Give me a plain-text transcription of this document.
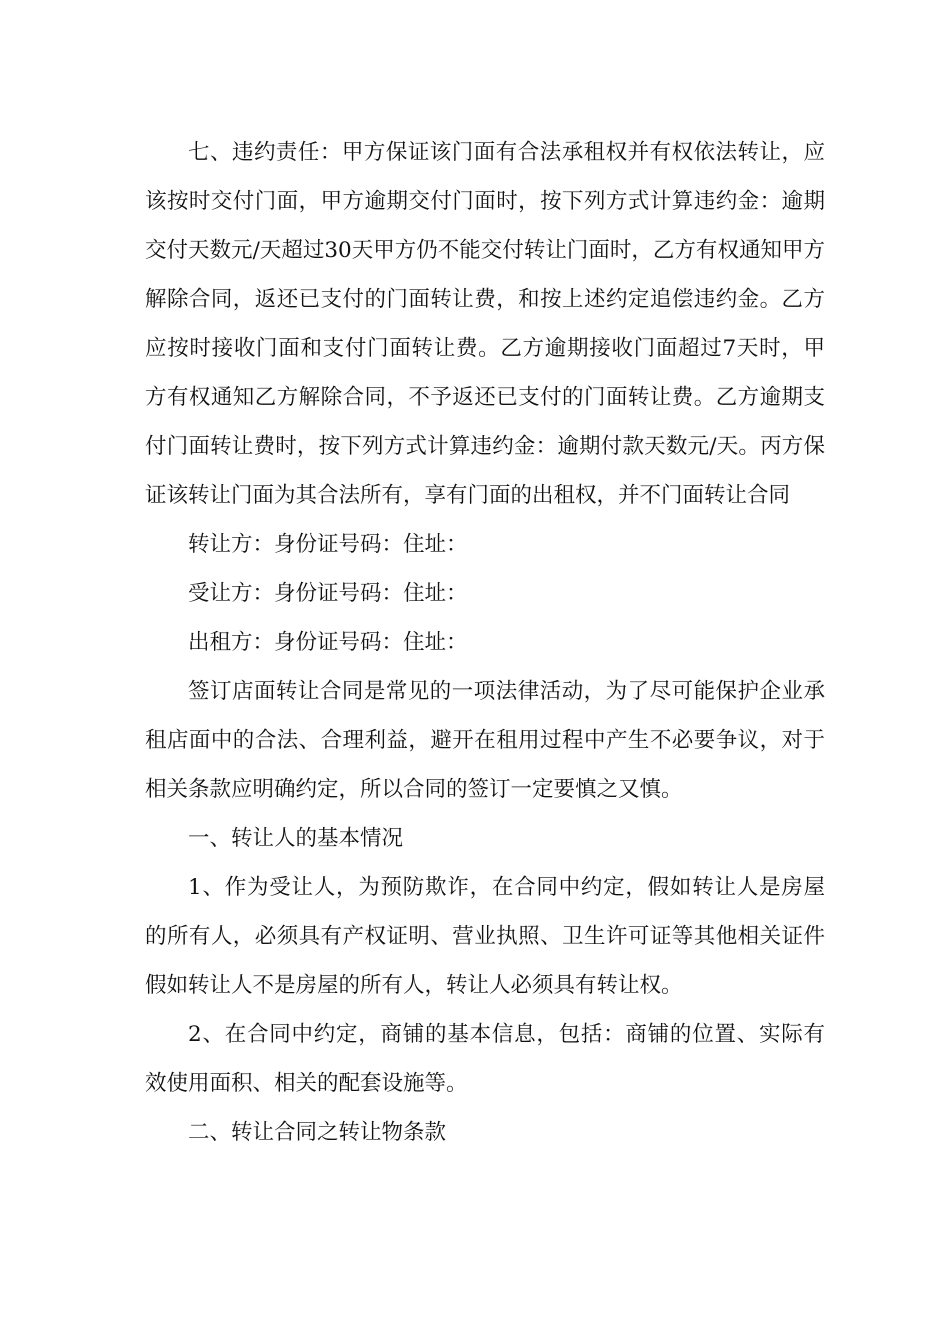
七、违约责任：甲方保证该门面有合法承租权并有权依法转让，应该按时交付门面，甲方逾期交付门面时，按下列方式计算违约金：逾期交付天数元/天超过30天甲方仍不能交付转让门面时，乙方有权通知甲方解除合同，返还已支付的门面转让费，和按上述约定追偿违约金。乙方应按时接收门面和支付门面转让费。乙方逾期接收门面超过7天时，甲方有权通知乙方解除合同，不予返还已支付的门面转让费。乙方逾期支付门面转让费时，按下列方式计算违约金：逾期付款天数元/天。丙方保证该转让门面为其合法所有，享有门面的出租权，并不门面转让合同

转让方：身份证号码：住址：

受让方：身份证号码：住址：

出租方：身份证号码：住址：

签订店面转让合同是常见的一项法律活动，为了尽可能保护企业承租店面中的合法、合理利益，避开在租用过程中产生不必要争议，对于相关条款应明确约定，所以合同的签订一定要慎之又慎。

一、转让人的基本情况

1、作为受让人，为预防欺诈，在合同中约定，假如转让人是房屋的所有人，必须具有产权证明、营业执照、卫生许可证等其他相关证件假如转让人不是房屋的所有人，转让人必须具有转让权。

2、在合同中约定，商铺的基本信息，包括：商铺的位置、实际有效使用面积、相关的配套设施等。

二、转让合同之转让物条款
